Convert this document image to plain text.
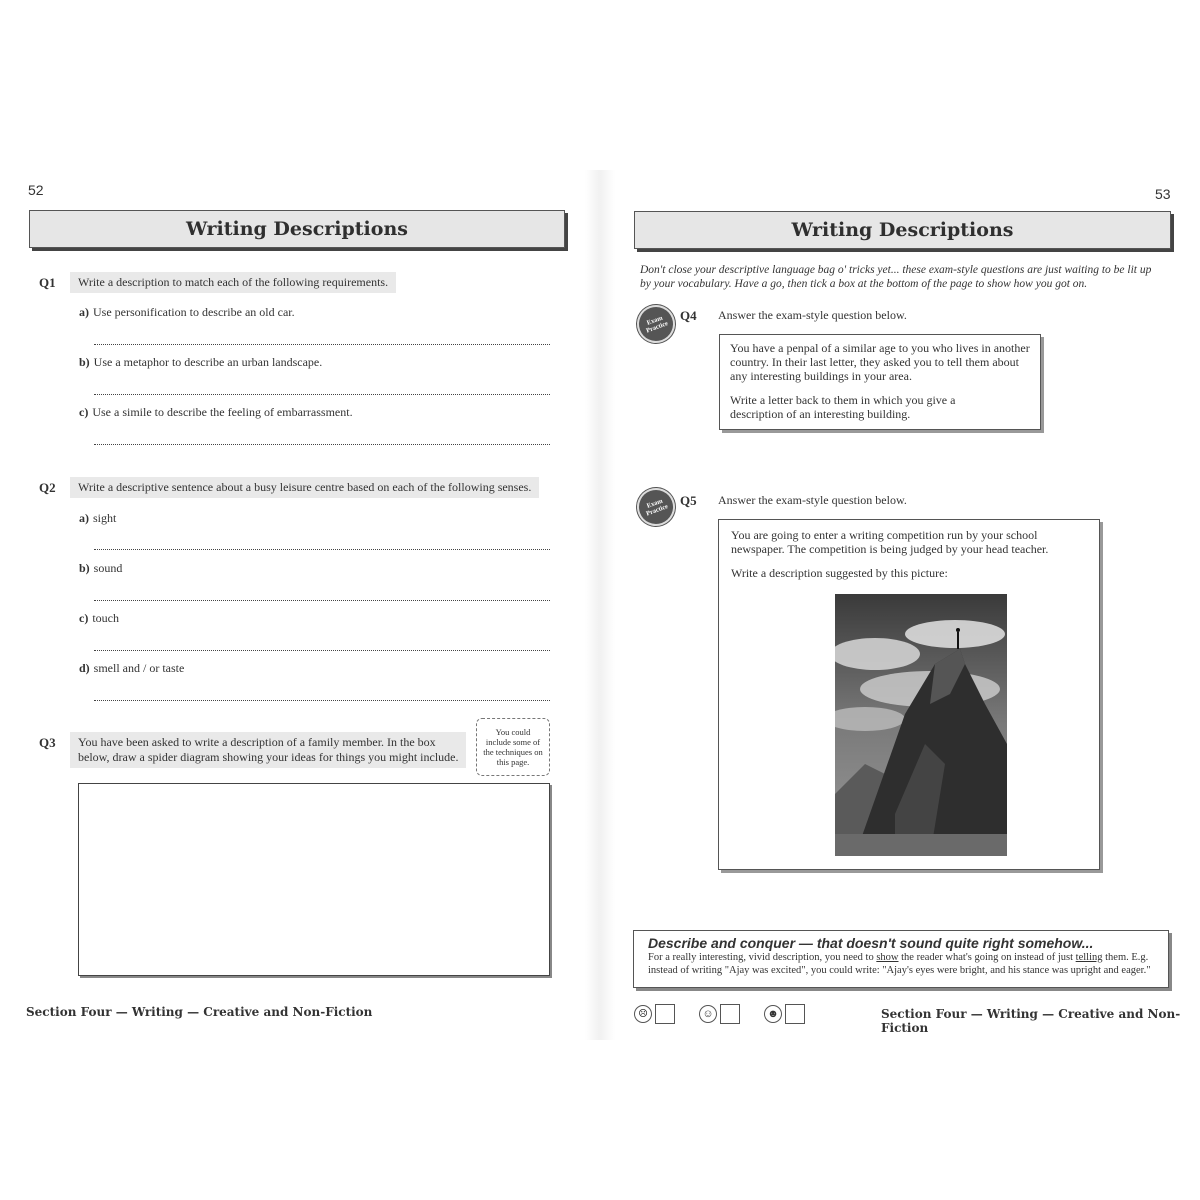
52
Writing Descriptions
Q1	Write a description to match each of the following requirements.
a) Use personification to describe an old car.
b) Use a metaphor to describe an urban landscape.
c) Use a simile to describe the feeling of embarrassment.
Q2	Write a descriptive sentence about a busy leisure centre based on each of the following senses.
a) sight
b) sound
c) touch
d) smell and / or taste
Q3 You have been asked to write a description of a family member. In the box
below, draw a spider diagram showing your ideas for things you might include.
You could include some of the techniques on this page.
Section Four — Writing — Creative and Non-Fiction
53
Writing Descriptions
Don't close your descriptive language bag o' tricks yet... these exam-style questions are just waiting to be lit up by your vocabulary. Have a go, then tick a box at the bottom of the page to show how you got on.
Exam Practice
Q4 Answer the exam-style question below.

You have a penpal of a similar age to you who lives in another country. In their last letter, they asked you to tell them about any interesting buildings in your area.

Write a letter back to them in which you give a description of an interesting building.

Exam Practice
Q5 Answer the exam-style question below.

You are going to enter a writing competition run by your school newspaper. The competition is being judged by your head teacher.

Write a description suggested by this picture:

Describe and conquer — that doesn't sound quite right somehow...
For a really interesting, vivid description, you need to show the reader what's going on instead of just telling them. E.g. instead of writing "Ajay was excited", you could write: "Ajay's eyes were bright, and his stance was upright and eager."
☹	☺	☻	Section Four — Writing — Creative and Non-Fiction
